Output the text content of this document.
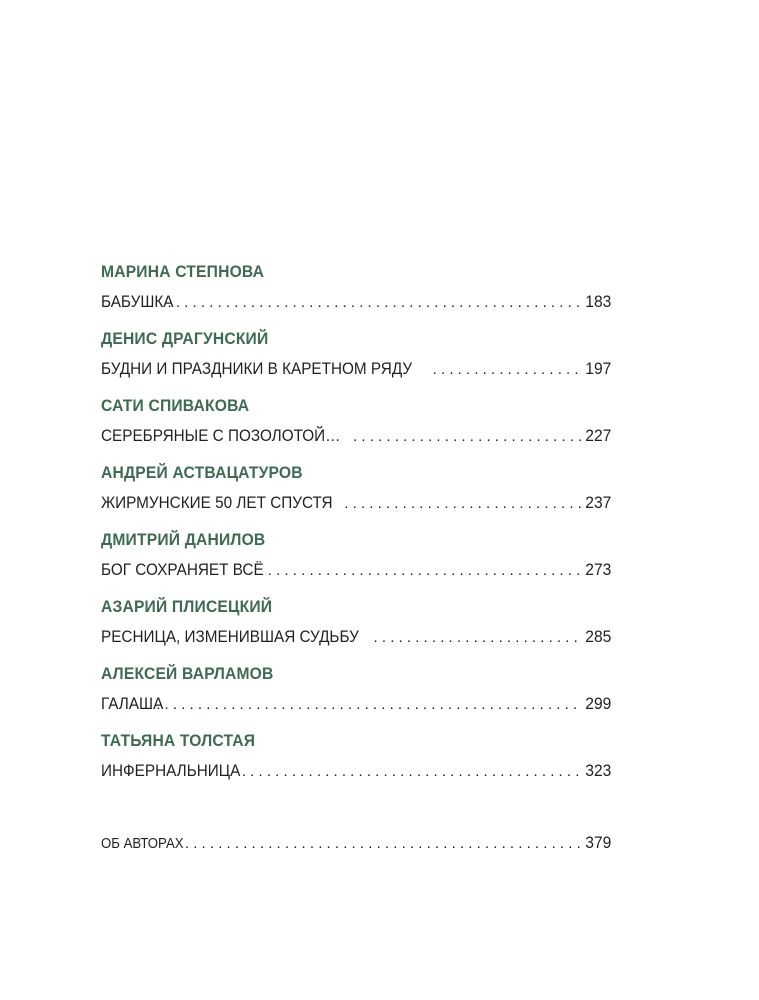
МАРИНА СТЕПНОВА
БАБУШКА . . .	183
ДЕНИС ДРАГУНСКИЙ
БУДНИ И ПРАЗДНИКИ В КАРЕТНОМ РЯДУ . . .	197
САТИ СПИВАКОВА
СЕРЕБРЯНЫЕ С ПОЗОЛОТОЙ… . . .	227
АНДРЕЙ АСТВАЦАТУРОВ
ЖИРМУНСКИЕ 50 ЛЕТ СПУСТЯ . . .	237
ДМИТРИЙ ДАНИЛОВ
БОГ СОХРАНЯЕТ ВСЁ . . .	273
АЗАРИЙ ПЛИСЕЦКИЙ
РЕСНИЦА, ИЗМЕНИВШАЯ СУДЬБУ . . .	285
АЛЕКСЕЙ ВАРЛАМОВ
ГАЛАША . . .	299
ТАТЬЯНА ТОЛСТАЯ
ИНФЕРНАЛЬНИЦА . . .	323
ОБ АВТОРАХ . . .	379
